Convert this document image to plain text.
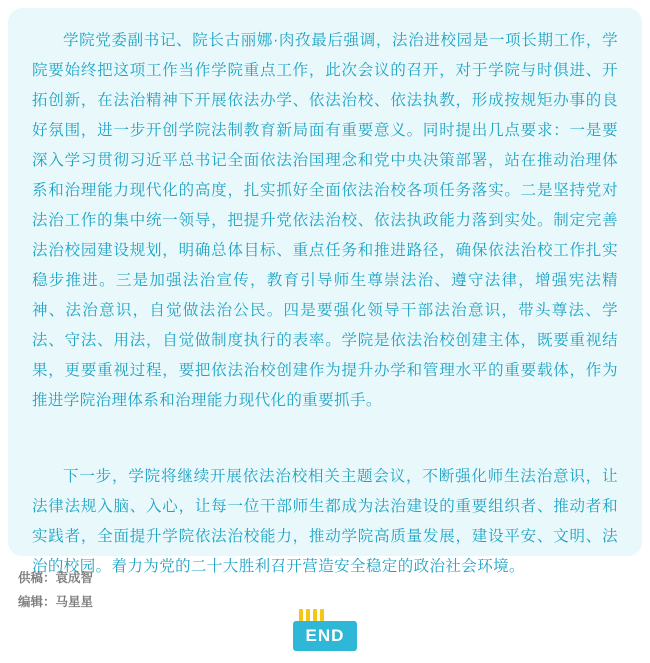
学院党委副书记、院长古丽娜·肉孜最后强调，法治进校园是一项长期工作，学院要始终把这项工作当作学院重点工作，此次会议的召开，对于学院与时俱进、开拓创新，在法治精神下开展依法办学、依法治校、依法执教，形成按规矩办事的良好氛围，进一步开创学院法制教育新局面有重要意义。同时提出几点要求：一是要深入学习贯彻习近平总书记全面依法治国理念和党中央决策部署，站在推动治理体系和治理能力现代化的高度，扎实抓好全面依法治校各项任务落实。二是坚持党对法治工作的集中统一领导，把提升党依法治校、依法执政能力落到实处。制定完善法治校园建设规划，明确总体目标、重点任务和推进路径，确保依法治校工作扎实稳步推进。三是加强法治宣传，教育引导师生尊崇法治、遵守法律，增强宪法精神、法治意识，自觉做法治公民。四是要强化领导干部法治意识，带头尊法、学法、守法、用法，自觉做制度执行的表率。学院是依法治校创建主体，既要重视结果，更要重视过程，要把依法治校创建作为提升办学和管理水平的重要载体，作为推进学院治理体系和治理能力现代化的重要抓手。

下一步，学院将继续开展依法治校相关主题会议，不断强化师生法治意识，让法律法规入脑、入心，让每一位干部师生都成为法治建设的重要组织者、推动者和实践者，全面提升学院依法治校能力，推动学院高质量发展，建设平安、文明、法治的校园。着力为党的二十大胜利召开营造安全稳定的政治社会环境。

供稿：袁成智
编辑：马星星
END
